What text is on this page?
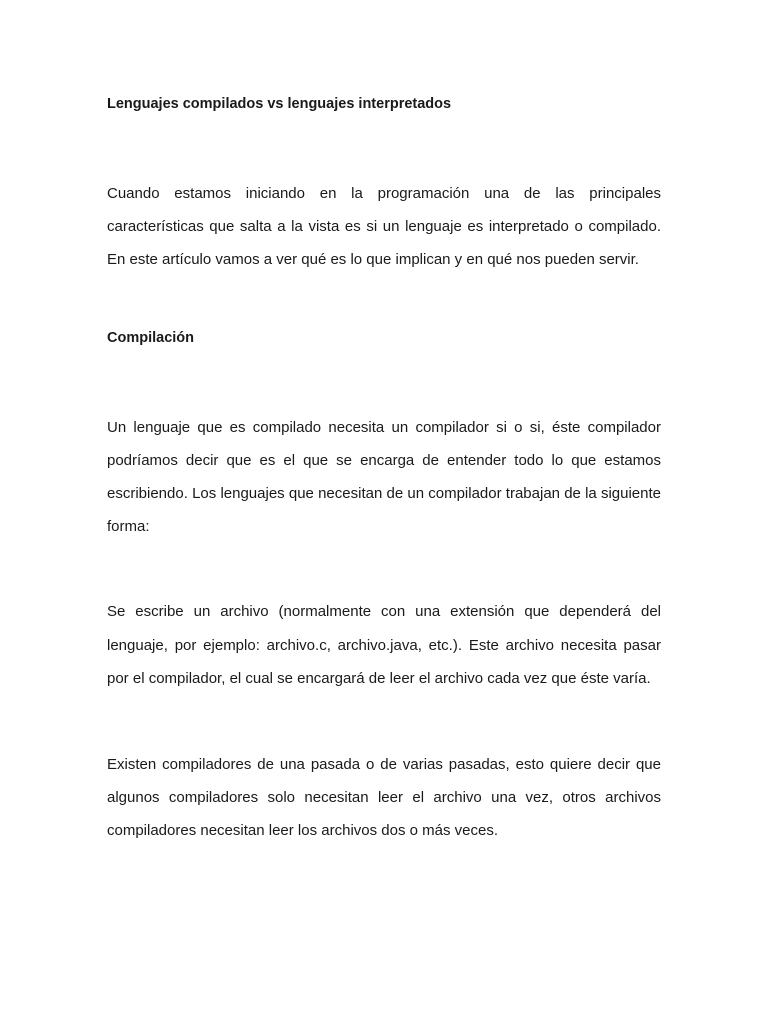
Lenguajes compilados vs lenguajes interpretados

Cuando estamos iniciando en la programación una de las principales características que salta a la vista es si un lenguaje es interpretado o compilado. En este artículo vamos a ver qué es lo que implican y en qué nos pueden servir.

Compilación

Un lenguaje que es compilado necesita un compilador si o si, éste compilador podríamos decir que es el que se encarga de entender todo lo que estamos escribiendo. Los lenguajes que necesitan de un compilador trabajan de la siguiente forma:

Se escribe un archivo (normalmente con una extensión que dependerá del lenguaje, por ejemplo: archivo.c, archivo.java, etc.). Este archivo necesita pasar por el compilador, el cual se encargará de leer el archivo cada vez que éste varía.

Existen compiladores de una pasada o de varias pasadas, esto quiere decir que algunos compiladores solo necesitan leer el archivo una vez, otros archivos compiladores necesitan leer los archivos dos o más veces.
